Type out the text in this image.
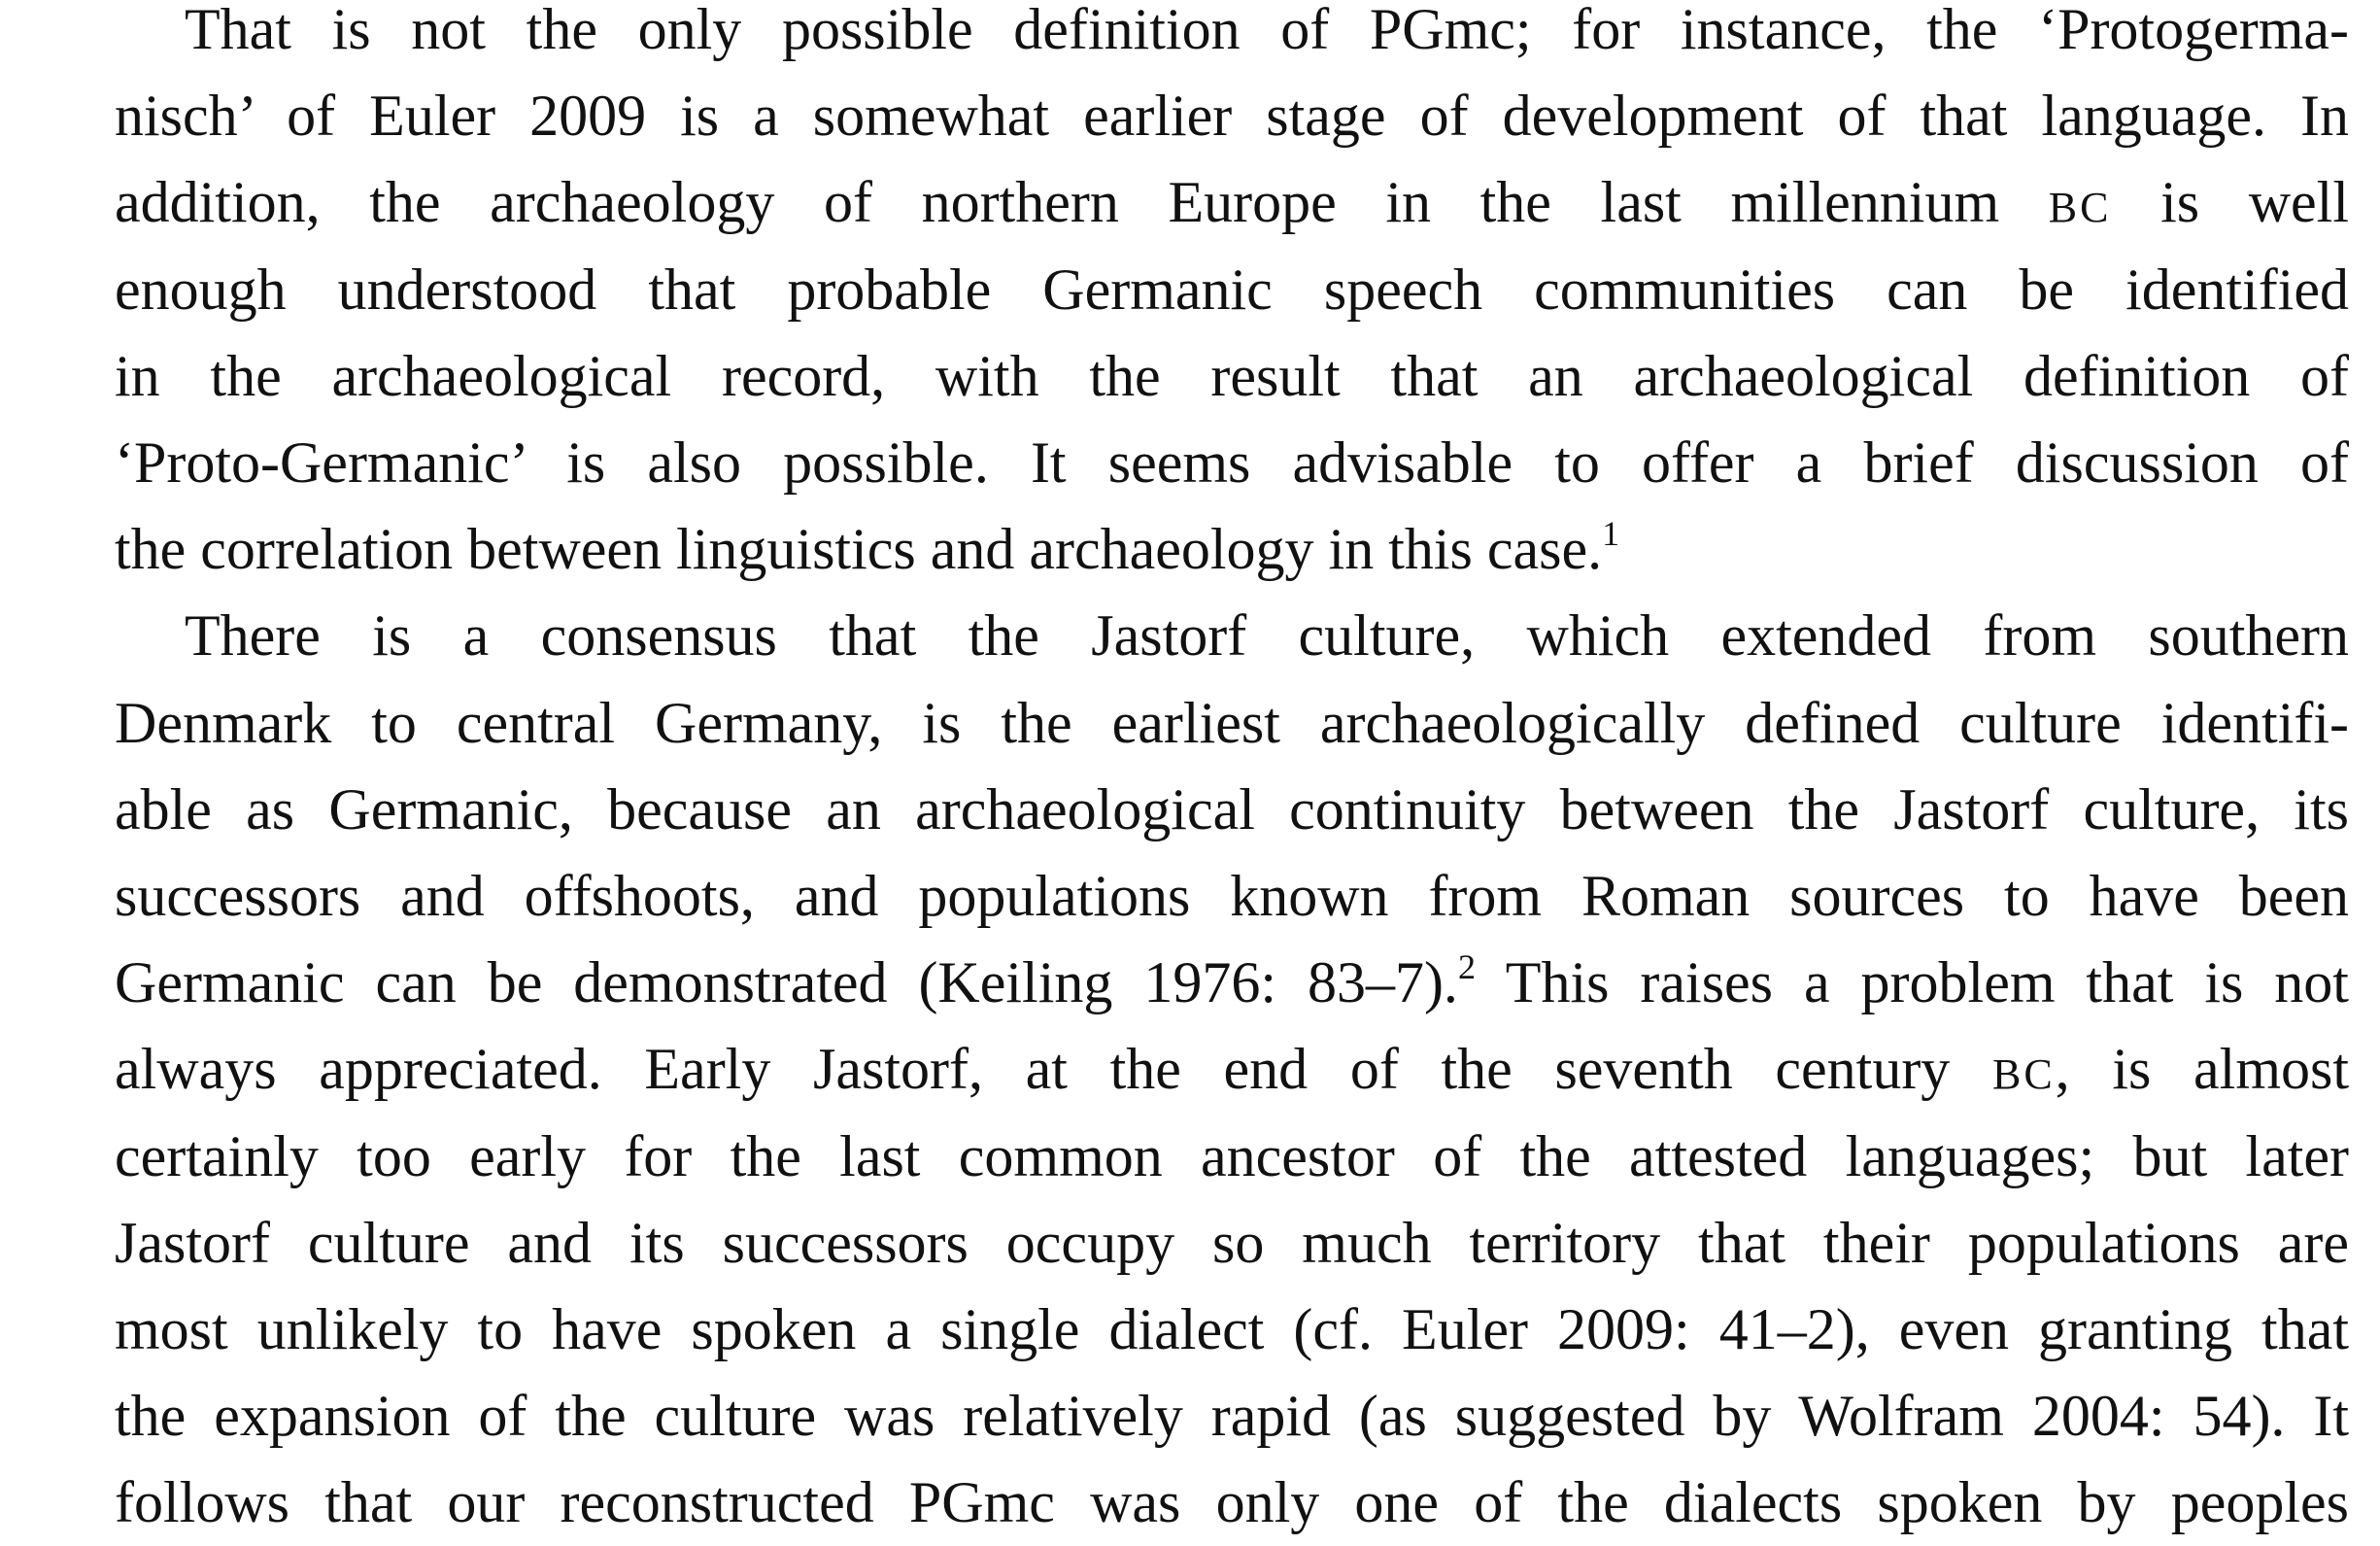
That is not the only possible definition of PGmc; for instance, the ‘Protogerma-
nisch’ of Euler 2009 is a somewhat earlier stage of development of that language. In
addition, the archaeology of northern Europe in the last millennium BC is well
enough understood that probable Germanic speech communities can be identified
in the archaeological record, with the result that an archaeological definition of
‘Proto-Germanic’ is also possible. It seems advisable to offer a brief discussion of
the correlation between linguistics and archaeology in this case.$^1$
There is a consensus that the Jastorf culture, which extended from southern
Denmark to central Germany, is the earliest archaeologically defined culture identifi-
able as Germanic, because an archaeological continuity between the Jastorf culture, its
successors and offshoots, and populations known from Roman sources to have been
Germanic can be demonstrated (Keiling 1976: 83–7).$^2$ This raises a problem that is not
always appreciated. Early Jastorf, at the end of the seventh century BC, is almost
certainly too early for the last common ancestor of the attested languages; but later
Jastorf culture and its successors occupy so much territory that their populations are
most unlikely to have spoken a single dialect (cf. Euler 2009: 41–2), even granting that
the expansion of the culture was relatively rapid (as suggested by Wolfram 2004: 54). It
follows that our reconstructed PGmc was only one of the dialects spoken by peoples
